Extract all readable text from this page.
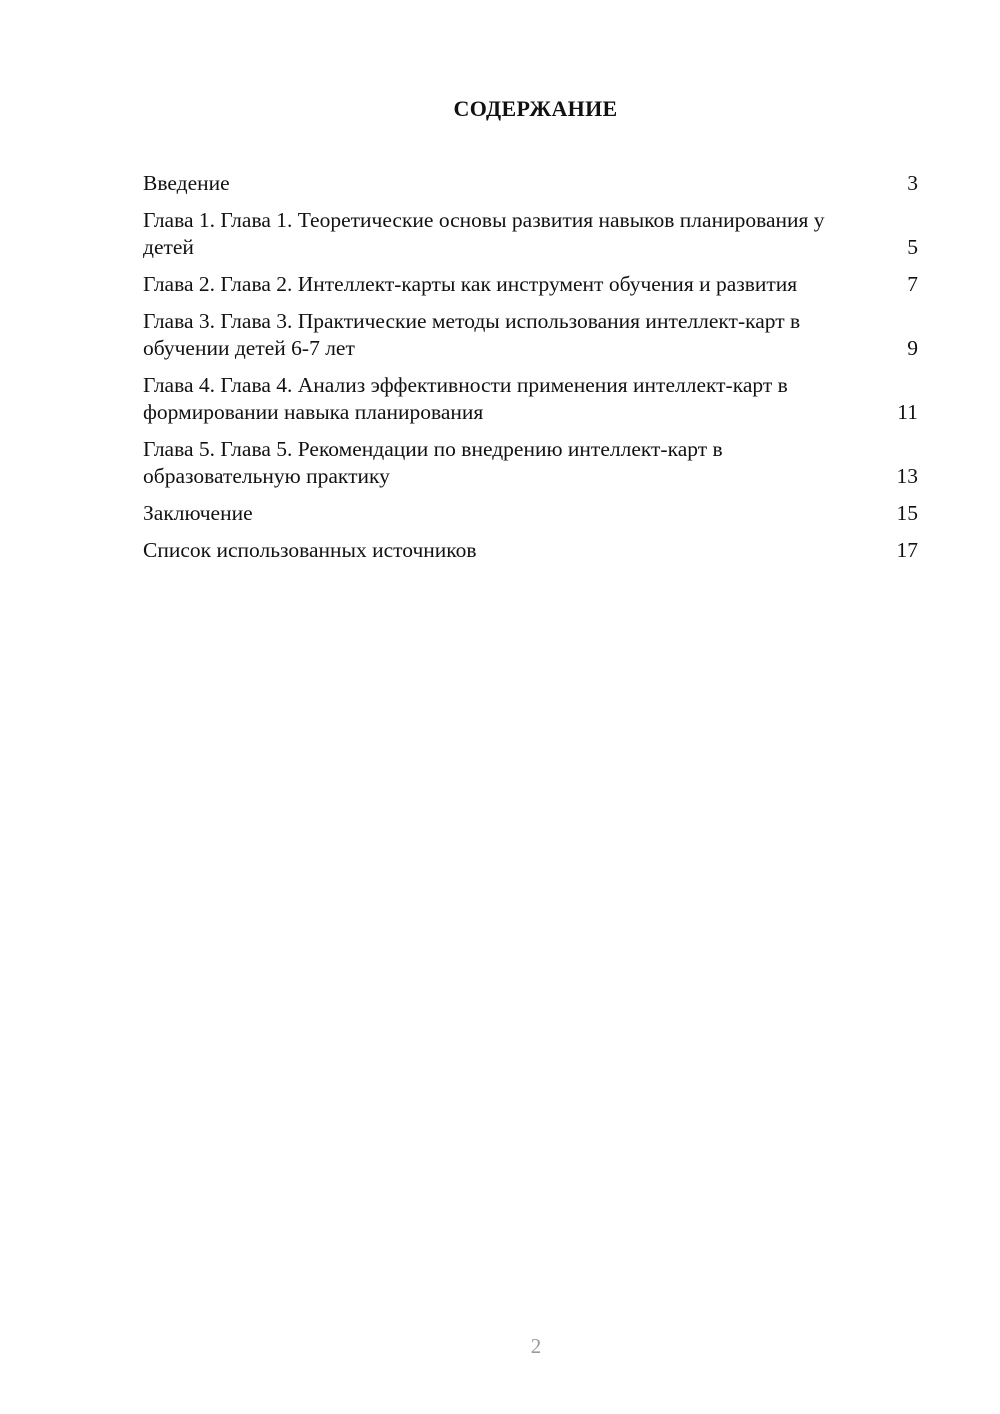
СОДЕРЖАНИЕ
Введение	3
Глава 1. Глава 1. Теоретические основы развития навыков планирования у детей	5
Глава 2. Глава 2. Интеллект-карты как инструмент обучения и развития	7
Глава 3. Глава 3. Практические методы использования интеллект-карт в обучении детей 6-7 лет	9
Глава 4. Глава 4. Анализ эффективности применения интеллект-карт в формировании навыка планирования	11
Глава 5. Глава 5. Рекомендации по внедрению интеллект-карт в образовательную практику	13
Заключение	15
Список использованных источников	17
2
